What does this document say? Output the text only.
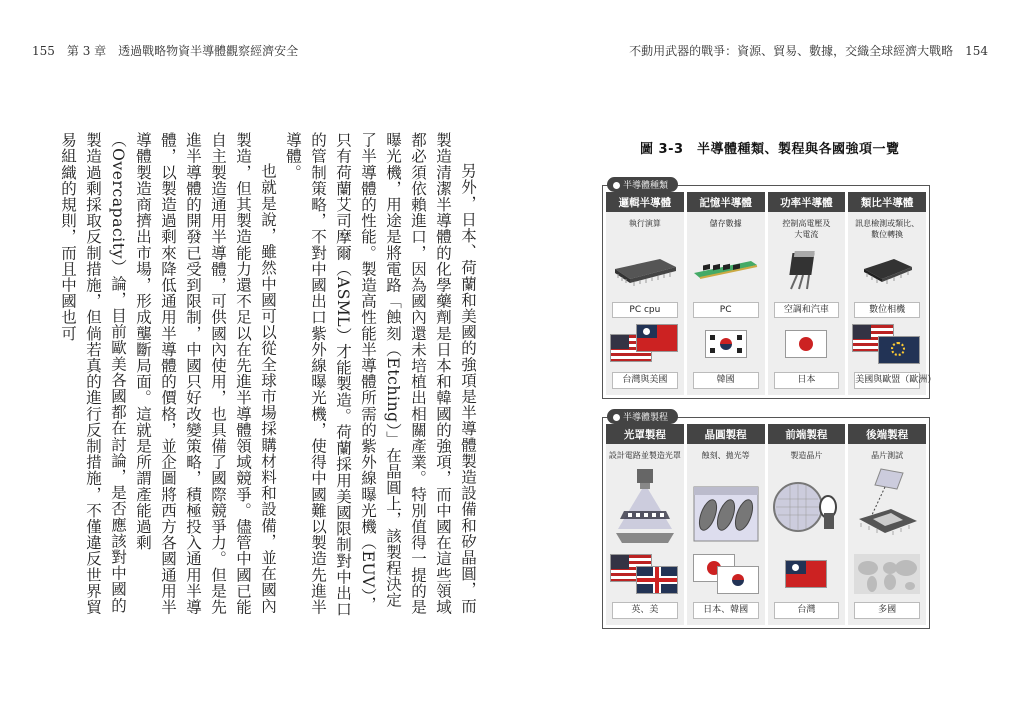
155　第 3 章　透過戰略物資半導體觀察經濟安全	不動用武器的戰爭：資源、貿易、數據，交織全球經濟大戰略　154

另外，日本、荷蘭和美國的強項是半導體製造設備和矽晶圓，而製造清潔半導體的化學藥劑是日本和韓國的強項，而中國在這些領域都必須依賴進口，因為國內還未培植出相關產業。特別值得一提的是曝光機，用途是將電路「蝕刻（Etching）」在晶圓上，該製程決定了半導體的性能。製造高性能半導體所需的紫外線曝光機（EUV），只有荷蘭艾司摩爾（ASML）才能製造。荷蘭採用美國限制對中出口的管制策略，不對中國出口紫外線曝光機，使得中國難以製造先進半導體。

也就是說，雖然中國可以從全球市場採購材料和設備，並在國內製造，但其製造能力還不足以在先進半導體領域競爭。儘管中國已能自主製造通用半導體，可供國內使用，也具備了國際競爭力。但是先進半導體的開發已受到限制，中國只好改變策略，積極投入通用半導體，以製造過剩來降低通用半導體的價格，並企圖將西方各國通用半導體製造商擠出市場，形成壟斷局面。這就是所謂產能過剩（Overcapacity）論，目前歐美各國都在討論，是否應該對中國的製造過剩採取反制措施，但倘若真的進行反制措施，不僅違反世界貿易組織的規則，而且中國也可	圖 3-3　半導體種類、製程與各國強項一覽
半導體種類
邏輯半導體
執行演算
PC cpu
台灣與美國
記憶半導體
儲存數據
PC
韓國
功率半導體
控制高電壓及
大電流
空調和汽車
日本
類比半導體
訊息檢測或類比、
數位轉換
數位相機
美國與歐盟（歐洲）
半導體製程
光罩製程
設計電路並製造光罩
英、美
晶圓製程
蝕刻、拋光等
日本、韓國
前端製程
製造晶片
台灣
後端製程
晶片測試
多國
